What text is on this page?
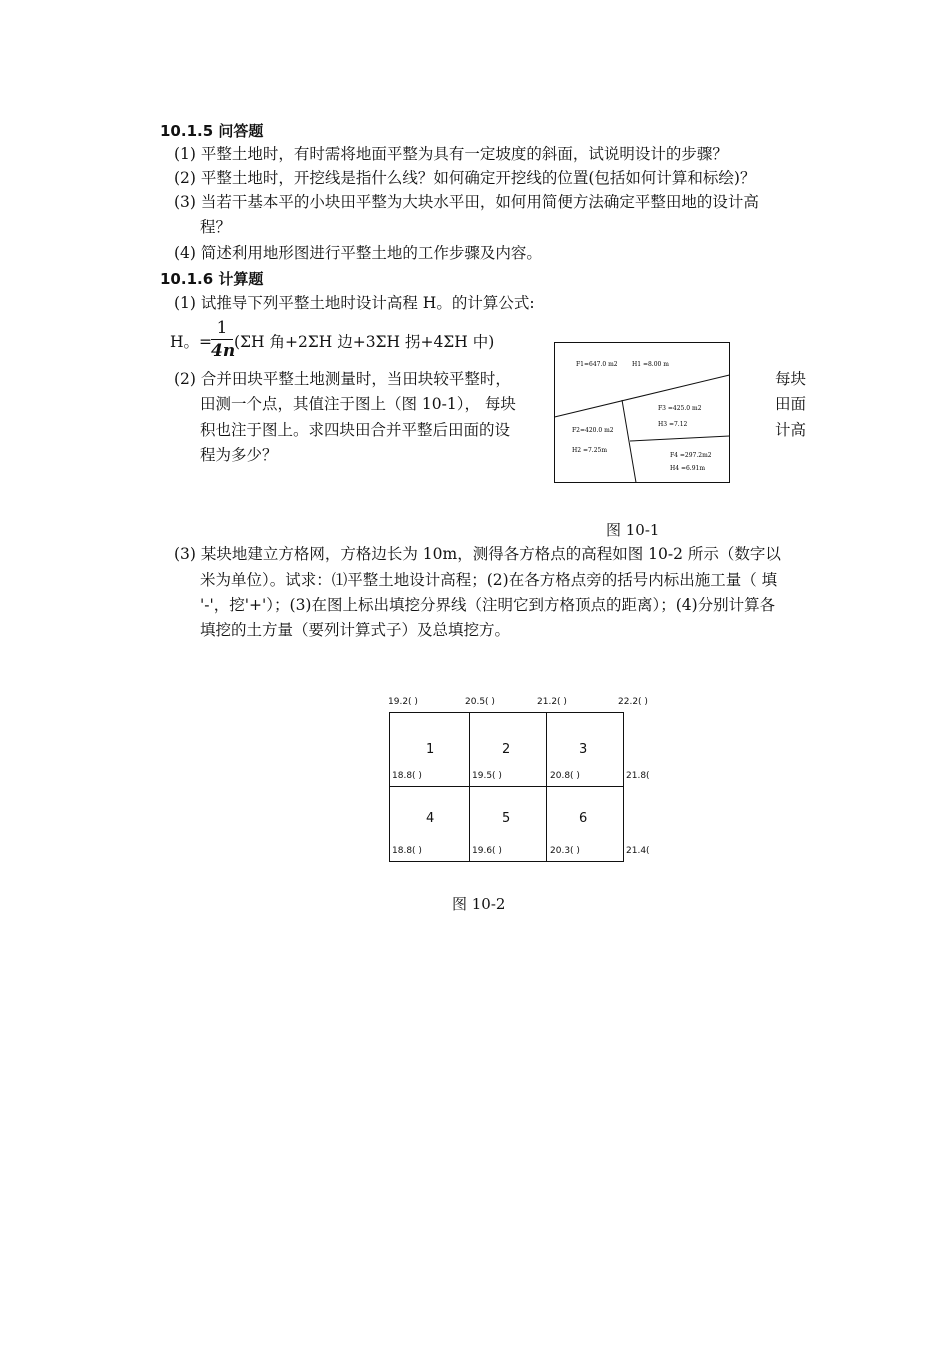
10.1.5 问答题
(1) 平整土地时，有时需将地面平整为具有一定坡度的斜面，试说明设计的步骤？
(2) 平整土地时，开挖线是指什么线？如何确定开挖线的位置(包括如何计算和标绘)？
(3) 当若干基本平的小块田平整为大块水平田，如何用简便方法确定平整田地的设计高
程？
(4) 简述利用地形图进行平整土地的工作步骤及内容。
10.1.6 计算题
(1) 试推导下列平整土地时设计高程 H。的计算公式:
H。=
1
4n
(ΣH 角+2ΣH 边+3ΣH 拐+4ΣH 中)
(2) 合并田块平整土地测量时，当田块较平整时，
田测一个点，其值注于图上（图 10-1）， 每块
积也注于图上。求四块田合并平整后田面的设
程为多少？
每块
田面
计高
F1=647.0 m2 H1 =8.00 m
F2=420.0 m2
H2 =7.25m
F3 =425.0 m2
H3 =7.12
F4 =297.2m2
H4 =6.91m
图 10-1
(3) 某块地建立方格网，方格边长为 10m，测得各方格点的高程如图 10-2 所示（数字以
米为单位）。试求：⑴平整土地设计高程；(2)在各方格点旁的括号内标出施工量（ 填
'-'，挖'+'）；(3)在图上标出填挖分界线（注明它到方格顶点的距离）；(4)分别计算各
填挖的土方量（要列计算式子）及总填挖方。
19.2( )	20.5( )	21.2( )	22.2( )
18.8( )	19.5( )	20.8( )	21.8(
18.8( )	19.6( )	20.3( )	21.4(
1	2	3
4	5	6
图 10-2
